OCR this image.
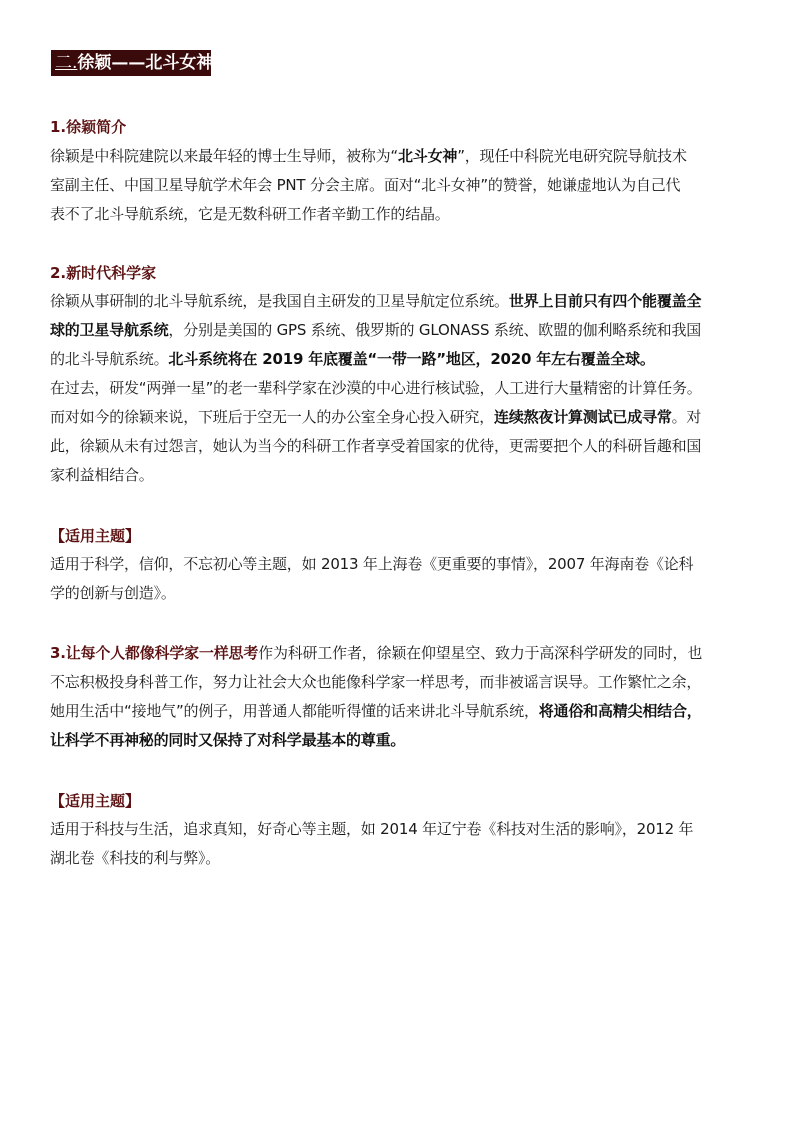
二.徐颖——北斗女神
1.徐颖简介
徐颖是中科院建院以来最年轻的博士生导师，被称为“北斗女神”，现任中科院光电研究院导航技术
室副主任、中国卫星导航学术年会 PNT 分会主席。面对“北斗女神”的赞誉，她谦虚地认为自己代
表不了北斗导航系统，它是无数科研工作者辛勤工作的结晶。
2.新时代科学家
徐颖从事研制的北斗导航系统，是我国自主研发的卫星导航定位系统。世界上目前只有四个能覆盖全
球的卫星导航系统，分别是美国的 GPS 系统、俄罗斯的 GLONASS 系统、欧盟的伽利略系统和我国
的北斗导航系统。北斗系统将在 2019 年底覆盖“一带一路”地区，2020 年左右覆盖全球。
在过去，研发“两弹一星”的老一辈科学家在沙漠的中心进行核试验，人工进行大量精密的计算任务。
而对如今的徐颖来说，下班后于空无一人的办公室全身心投入研究，连续熬夜计算测试已成寻常。对
此，徐颖从未有过怨言，她认为当今的科研工作者享受着国家的优待，更需要把个人的科研旨趣和国
家利益相结合。
【适用主题】
适用于科学，信仰，不忘初心等主题，如 2013 年上海卷《更重要的事情》，2007 年海南卷《论科
学的创新与创造》。
3.让每个人都像科学家一样思考作为科研工作者，徐颖在仰望星空、致力于高深科学研发的同时，也
不忘积极投身科普工作，努力让社会大众也能像科学家一样思考，而非被谣言误导。工作繁忙之余，
她用生活中“接地气”的例子，用普通人都能听得懂的话来讲北斗导航系统，将通俗和高精尖相结合，
让科学不再神秘的同时又保持了对科学最基本的尊重。
【适用主题】
适用于科技与生活，追求真知，好奇心等主题，如 2014 年辽宁卷《科技对生活的影响》，2012 年
湖北卷《科技的利与弊》。
